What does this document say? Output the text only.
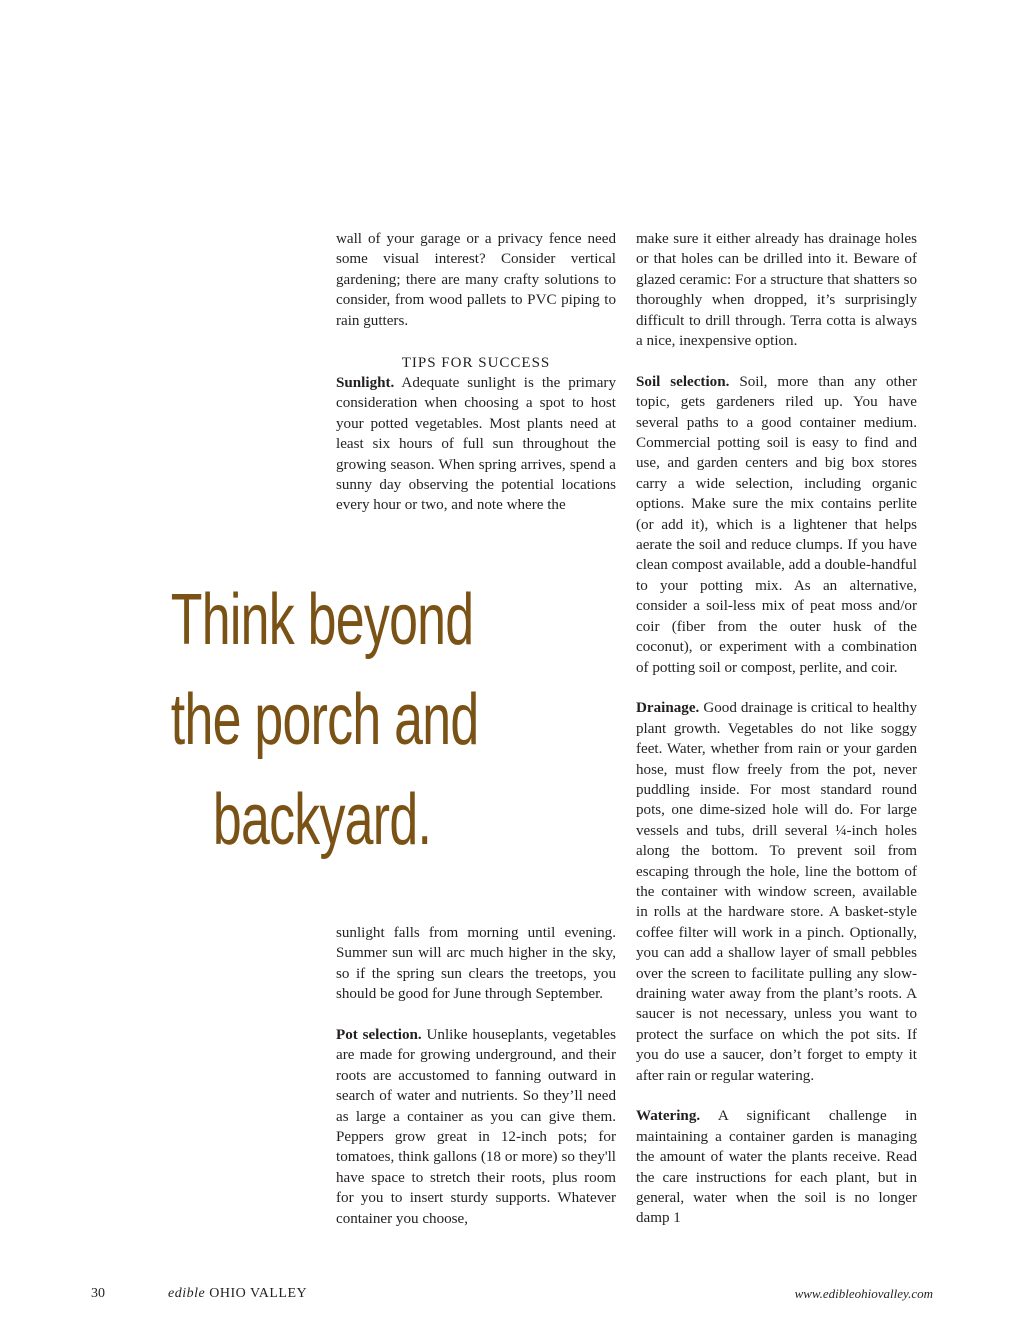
wall of your garage or a privacy fence need some visual interest? Consider vertical gardening; there are many crafty solutions to consider, from wood pallets to PVC piping to rain gutters.

TIPS FOR SUCCESS

Sunlight. Adequate sunlight is the primary consideration when choosing a spot to host your potted vegetables. Most plants need at least six hours of full sun throughout the growing season. When spring arrives, spend a sunny day observing the potential locations every hour or two, and note where the

Think beyond
the porch and
backyard.

sunlight falls from morning until evening. Summer sun will arc much higher in the sky, so if the spring sun clears the treetops, you should be good for June through September.

Pot selection. Unlike houseplants, vegetables are made for growing underground, and their roots are accustomed to fanning outward in search of water and nutrients. So they’ll need as large a container as you can give them. Peppers grow great in 12-inch pots; for tomatoes, think gallons (18 or more) so they'll have space to stretch their roots, plus room for you to insert sturdy supports. Whatever container you choose,

make sure it either already has drainage holes or that holes can be drilled into it. Beware of glazed ceramic: For a structure that shatters so thoroughly when dropped, it’s surprisingly difficult to drill through. Terra cotta is always a nice, inexpensive option.

Soil selection. Soil, more than any other topic, gets gardeners riled up. You have several paths to a good container medium. Commercial potting soil is easy to find and use, and garden centers and big box stores carry a wide selection, including organic options. Make sure the mix contains perlite (or add it), which is a lightener that helps aerate the soil and reduce clumps. If you have clean compost available, add a double-handful to your potting mix. As an alternative, consider a soil-less mix of peat moss and/or coir (fiber from the outer husk of the coconut), or experiment with a combination of potting soil or compost, perlite, and coir.

Drainage. Good drainage is critical to healthy plant growth. Vegetables do not like soggy feet. Water, whether from rain or your garden hose, must flow freely from the pot, never puddling inside. For most standard round pots, one dime-sized hole will do. For large vessels and tubs, drill several ¼-inch holes along the bottom. To prevent soil from escaping through the hole, line the bottom of the container with window screen, available in rolls at the hardware store. A basket-style coffee filter will work in a pinch. Optionally, you can add a shallow layer of small pebbles over the screen to facilitate pulling any slow-draining water away from the plant’s roots. A saucer is not necessary, unless you want to protect the surface on which the pot sits. If you do use a saucer, don’t forget to empty it after rain or regular watering.

Watering. A significant challenge in maintaining a container garden is managing the amount of water the plants receive. Read the care instructions for each plant, but in general, water when the soil is no longer damp 1

30	edible OHIO VALLEY	www.edibleohiovalley.com
